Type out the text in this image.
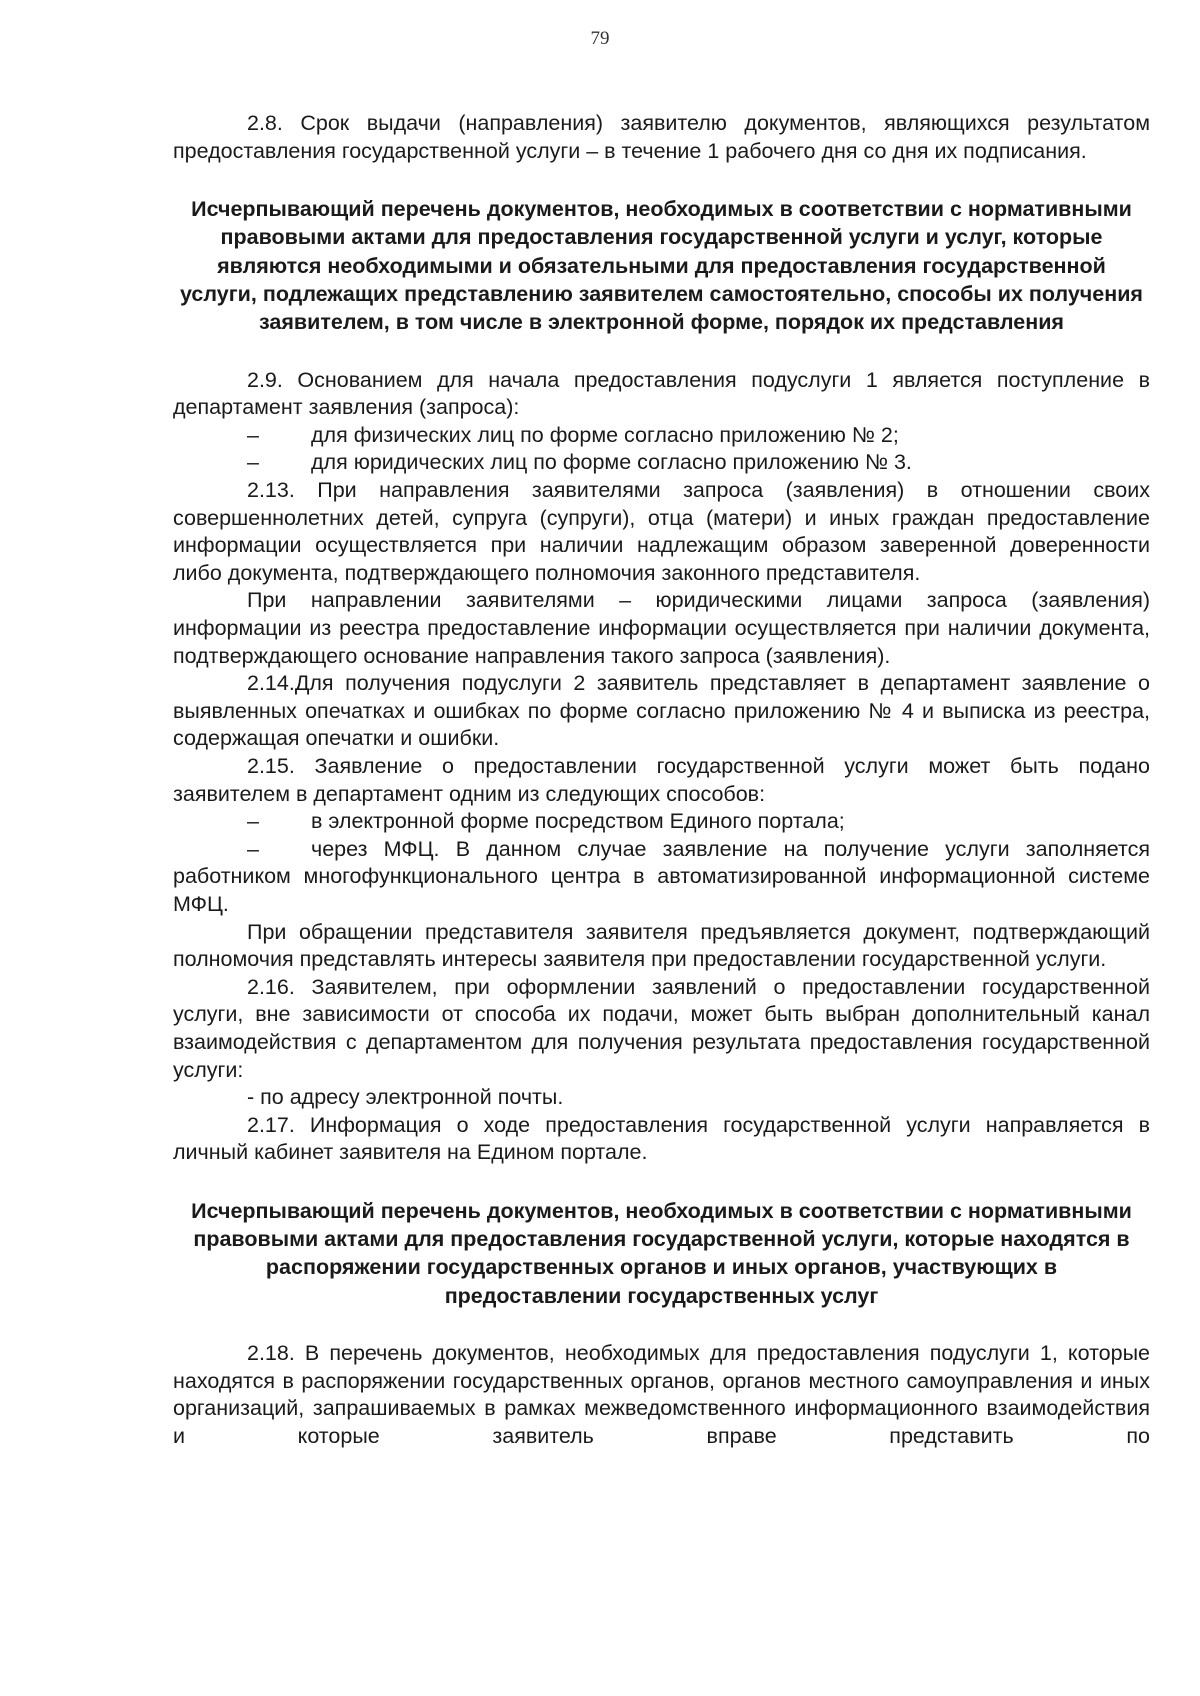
79

2.8. Срок выдачи (направления) заявителю документов, являющихся результатом предоставления государственной услуги – в течение 1 рабочего дня со дня их подписания.

Исчерпывающий перечень документов, необходимых в соответствии с нормативными правовыми актами для предоставления государственной услуги и услуг, которые являются необходимыми и обязательными для предоставления государственной услуги, подлежащих представлению заявителем самостоятельно, способы их получения заявителем, в том числе в электронной форме, порядок их представления

2.9. Основанием для начала предоставления подуслуги 1 является поступление в департамент заявления (запроса):

– для физических лиц по форме согласно приложению № 2;

– для юридических лиц по форме согласно приложению № 3.

2.13. При направления заявителями запроса (заявления) в отношении своих совершеннолетних детей, супруга (супруги), отца (матери) и иных граждан предоставление информации осуществляется при наличии надлежащим образом заверенной доверенности либо документа, подтверждающего полномочия законного представителя.

При направлении заявителями – юридическими лицами запроса (заявления) информации из реестра предоставление информации осуществляется при наличии документа, подтверждающего основание направления такого запроса (заявления).

2.14.Для получения подуслуги 2 заявитель представляет в департамент заявление о выявленных опечатках и ошибках по форме согласно приложению № 4 и выписка из реестра, содержащая опечатки и ошибки.

2.15. Заявление о предоставлении государственной услуги может быть подано заявителем в департамент одним из следующих способов:

– в электронной форме посредством Единого портала;

–	через МФЦ. В данном случае заявление на получение услуги заполняется работником многофункционального центра в автоматизированной информационной системе МФЦ.

При обращении представителя заявителя предъявляется документ, подтверждающий полномочия представлять интересы заявителя при предоставлении государственной услуги.

2.16. Заявителем, при оформлении заявлений о предоставлении государственной услуги, вне зависимости от способа их подачи, может быть выбран дополнительный канал взаимодействия с департаментом для получения результата предоставления государственной услуги:

- по адресу электронной почты.

2.17. Информация о ходе предоставления государственной услуги направляется в личный кабинет заявителя на Едином портале.

Исчерпывающий перечень документов, необходимых в соответствии с нормативными правовыми актами для предоставления государственной услуги, которые находятся в распоряжении государственных органов и иных органов, участвующих в предоставлении государственных услуг

2.18. В перечень документов, необходимых для предоставления подуслуги 1, которые находятся в распоряжении государственных органов, органов местного самоуправления и иных организаций, запрашиваемых в рамках межведомственного информационного взаимодействия и которые заявитель вправе представить по
